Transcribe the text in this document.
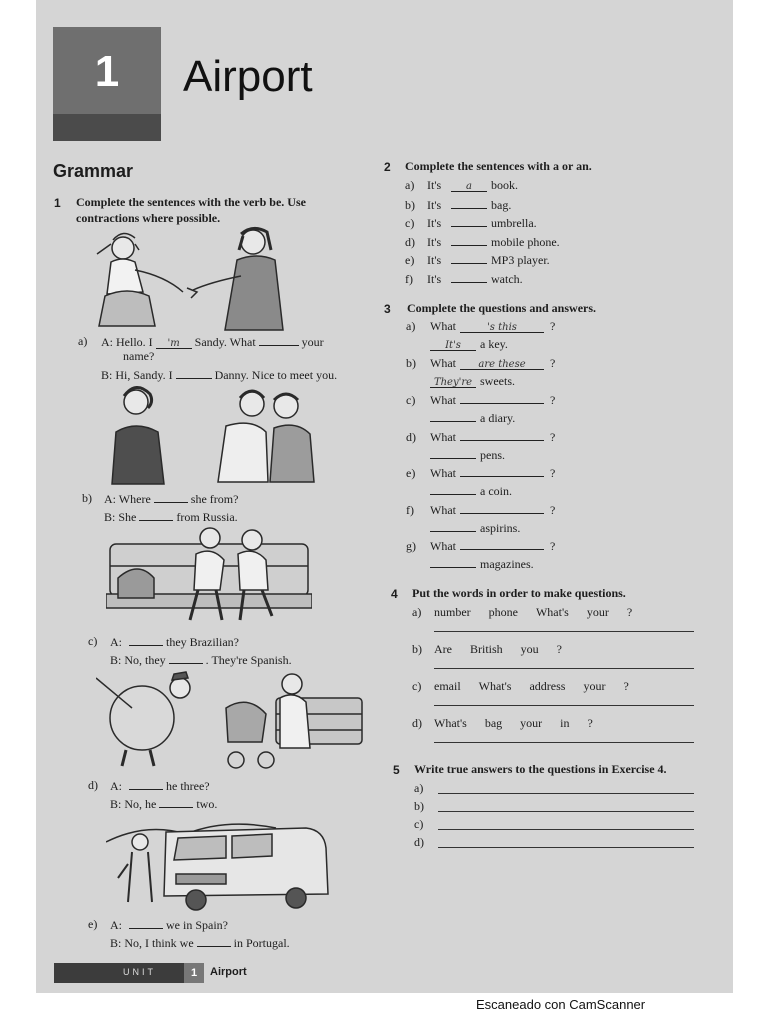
1	Airport
Grammar
1 Complete the sentences with the verb be. Use
contractions where possible.
a) A: Hello. I 'm Sandy. What	your
name?
B: Hi, Sandy. I	Danny. Nice to meet you.
b) A: Where	she from?
B: She	from Russia.
c) A:	they Brazilian?
B: No, they	. They're Spanish.
d) A:	he three?
B: No, he	two.
e) A:	we in Spain?
B: No, I think we	in Portugal.
2 Complete the sentences with a or an.
a) It's a book.
b) It's	bag.
c) It's	umbrella.
d) It's	mobile phone.
e) It's	MP3 player.
f) It's	watch.
3 Complete the questions and answers.
a) What	's this	?
It's a key.
b) What are these ?
They're sweets.
c) What	?
a diary.
d) What	?
pens.
e) What	?
a coin.
f) What	?
aspirins.
g) What	?
magazines.
4 Put the words in order to make questions.
a) number phone What's your ?
b) Are British you ?
c) email What's address your ?
d) What's bag your in ?
5 Write true answers to the questions in Exercise 4.
a)
b)
c)
d)
UNIT	1	Airport
Escaneado con CamScanner
